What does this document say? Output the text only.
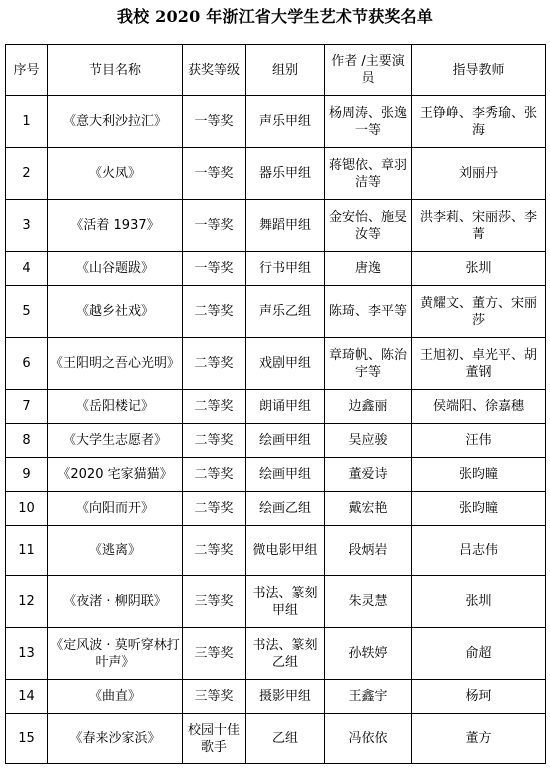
我校 2020 年浙江省大学生艺术节获奖名单
序号	节目名称	获奖等级	组别	作者 /主要演员	指导教师
1	《意大利沙拉汇》	一等奖	声乐甲组	杨周涛、张逸一等	王铮峥、李秀瑜、张海
2	《火凤》	一等奖	器乐甲组	蒋锶依、章羽洁等	刘丽丹
3	《活着 1937》	一等奖	舞蹈甲组	金安怡、施旻汝等	洪李莉、宋丽莎、李菁
4	《山谷题跋》	一等奖	行书甲组	唐逸	张圳
5	《越乡社戏》	二等奖	声乐乙组	陈琦、李平等	黄耀文、董方、宋丽莎
6	《王阳明之吾心光明》	二等奖	戏剧甲组	章琦帆、陈治宇等	王旭初、卓光平、胡董钢
7	《岳阳楼记》	二等奖	朗诵甲组	边鑫丽	侯端阳、徐嘉穗
8	《大学生志愿者》	二等奖	绘画甲组	吴应骏	汪伟
9	《2020 宅家猫猫》	二等奖	绘画甲组	董爱诗	张昀瞳
10	《向阳而开》	二等奖	绘画乙组	戴宏艳	张昀瞳
11	《逃离》	二等奖	微电影甲组	段炳岩	吕志伟
12	《夜渚 · 柳阴联》	三等奖	书法、篆刻甲组	朱灵慧	张圳
13	《定风波 · 莫听穿林打叶声》	三等奖	书法、篆刻乙组	孙轶婷	俞超
14	《曲直》	三等奖	摄影甲组	王鑫宇	杨珂
15	《春来沙家浜》	校园十佳歌手	乙组	冯依依	董方
